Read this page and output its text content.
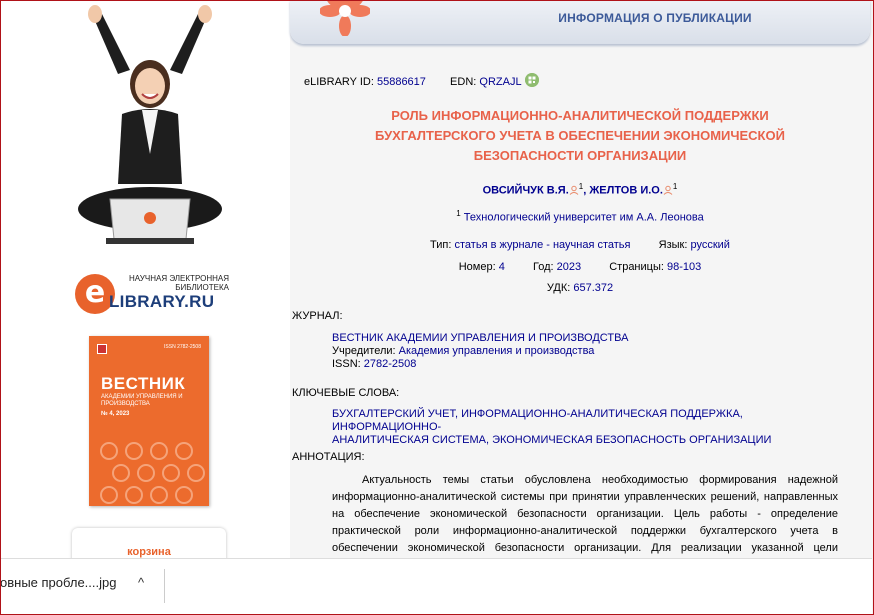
e	НАУЧНАЯ ЭЛЕКТРОННАЯ БИБЛИОТЕКА
LIBRARY.RU
ISSN 2782-2508
ВЕСТНИК
АКАДЕМИИ УПРАВЛЕНИЯ И ПРОИЗВОДСТВА
№ 4, 2023
корзина
ИНФОРМАЦИЯ О ПУБЛИКАЦИИ
eLIBRARY ID: 55886617 EDN: QRZAJL
РОЛЬ ИНФОРМАЦИОННО-АНАЛИТИЧЕСКОЙ ПОДДЕРЖКИ
БУХГАЛТЕРСКОГО УЧЕТА В ОБЕСПЕЧЕНИИ ЭКОНОМИЧЕСКОЙ
БЕЗОПАСНОСТИ ОРГАНИЗАЦИИ
ОВСИЙЧУК В.Я. $^1$, ЖЕЛТОВ И.О. $^1$
$^1$ Технологический университет им А.А. Леонова
Тип: статья в журнале - научная статья	Язык: русский
Номер: 4	Год: 2023	Страницы: 98-103
УДК: 657.372
ЖУРНАЛ:
ВЕСТНИК АКАДЕМИИ УПРАВЛЕНИЯ И ПРОИЗВОДСТВА
Учредители: Академия управления и производства
ISSN: 2782-2508
КЛЮЧЕВЫЕ СЛОВА:
БУХГАЛТЕРСКИЙ УЧЕТ, ИНФОРМАЦИОННО-АНАЛИТИЧЕСКАЯ ПОДДЕРЖКА, ИНФОРМАЦИОННО-
АНАЛИТИЧЕСКАЯ СИСТЕМА, ЭКОНОМИЧЕСКАЯ БЕЗОПАСНОСТЬ ОРГАНИЗАЦИИ
АННОТАЦИЯ:
Актуальность темы статьи обусловлена необходимостью формирования надежной информационно-аналитической системы при принятии управленческих решений, направленных на обеспечение экономической безопасности организации. Цель работы - определение практической роли информационно-аналитической поддержки бухгалтерского учета в обеспечении экономической безопасности организации. Для реализации указанной цели
овные пробле....jpg ^
